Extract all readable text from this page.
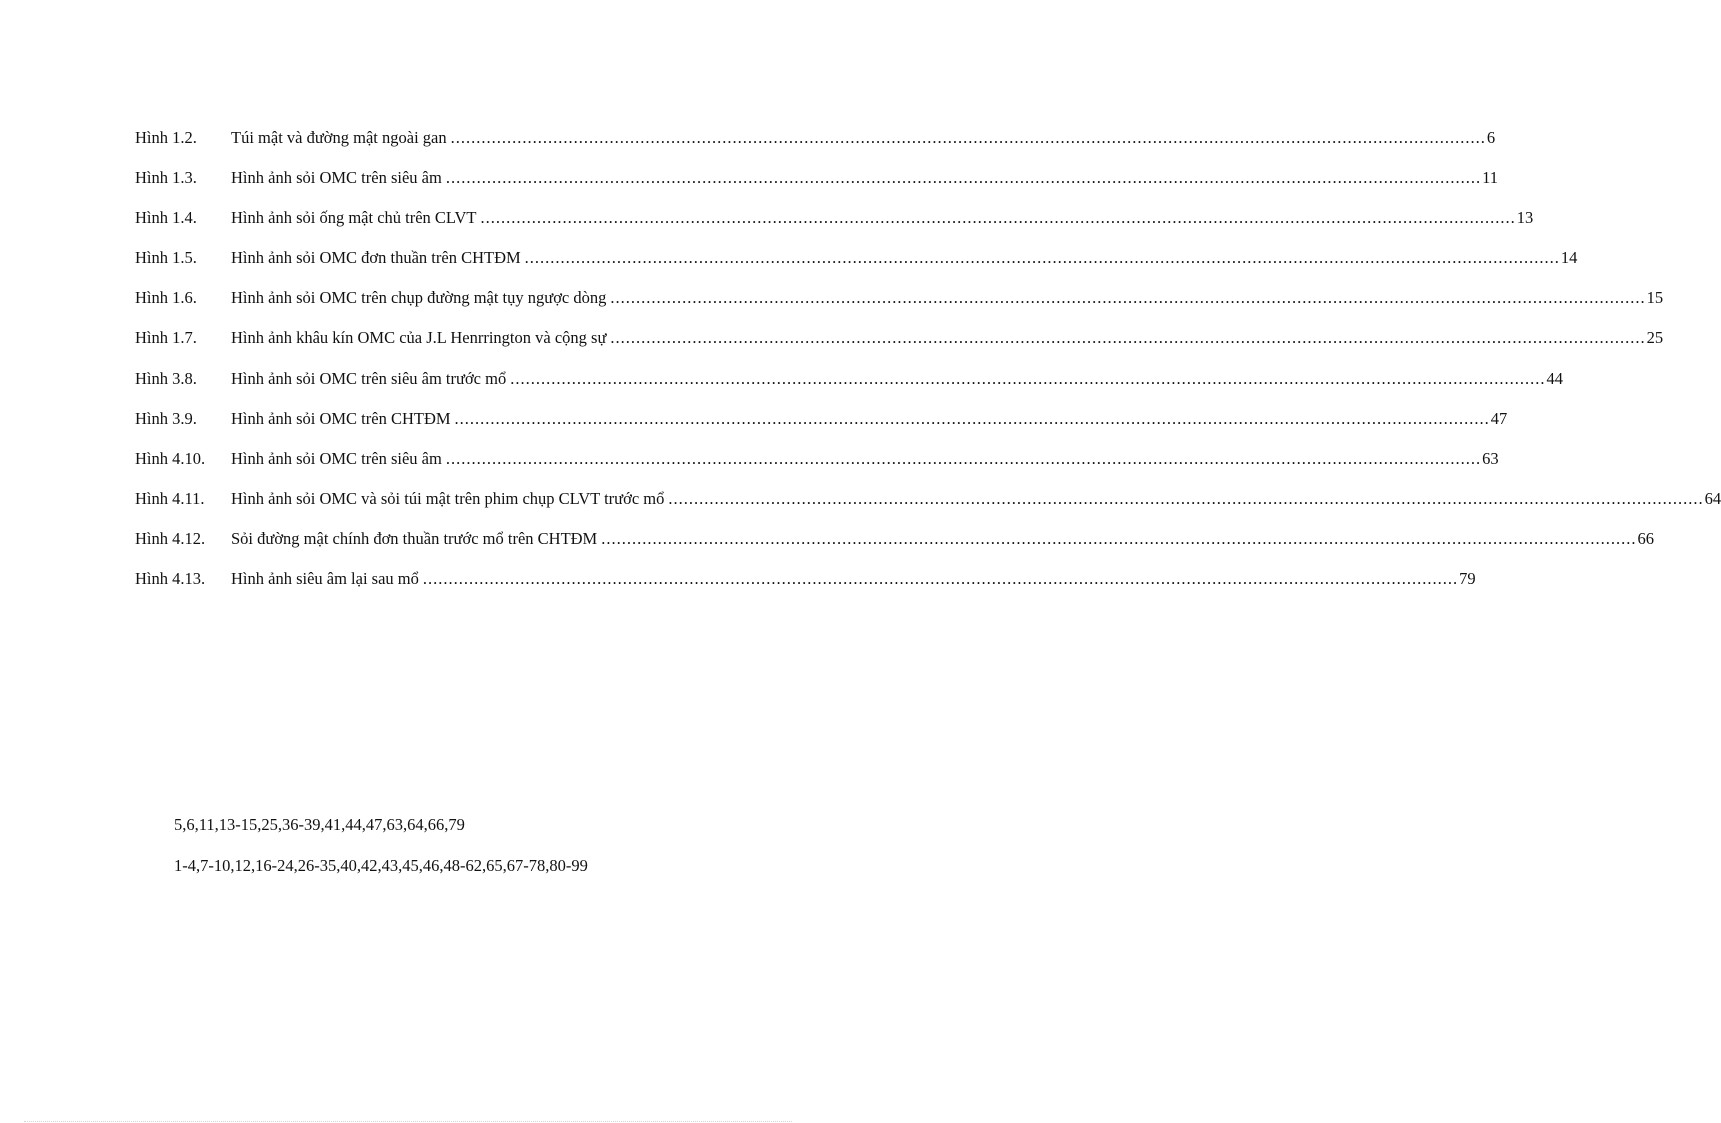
Hình 1.2.	Túi mật và đường mật ngoài gan .....	6
Hình 1.3.	Hình ảnh sỏi OMC trên siêu âm .....	11
Hình 1.4.	Hình ảnh sỏi ống mật chủ trên CLVT .....	13
Hình 1.5.	Hình ảnh sỏi OMC đơn thuần trên CHTĐM .....	14
Hình 1.6.	Hình ảnh sỏi OMC trên chụp đường mật tụy ngược dòng .....	15
Hình 1.7.	Hình ảnh khâu kín OMC của J.L Henrrington và cộng sự .....	25
Hình 3.8.	Hình ảnh sỏi OMC trên siêu âm trước mổ .....	44
Hình 3.9.	Hình ảnh sỏi OMC trên CHTĐM .....	47
Hình 4.10.	Hình ảnh sỏi OMC trên siêu âm .....	63
Hình 4.11.	Hình ảnh sỏi OMC và sỏi túi mật trên phim chụp CLVT trước mổ .....	64
Hình 4.12.	Sỏi đường mật chính đơn thuần trước mổ trên CHTĐM .....	66
Hình 4.13.	Hình ảnh siêu âm lại sau mổ .....	79
5,6,11,13-15,25,36-39,41,44,47,63,64,66,79
1-4,7-10,12,16-24,26-35,40,42,43,45,46,48-62,65,67-78,80-99
